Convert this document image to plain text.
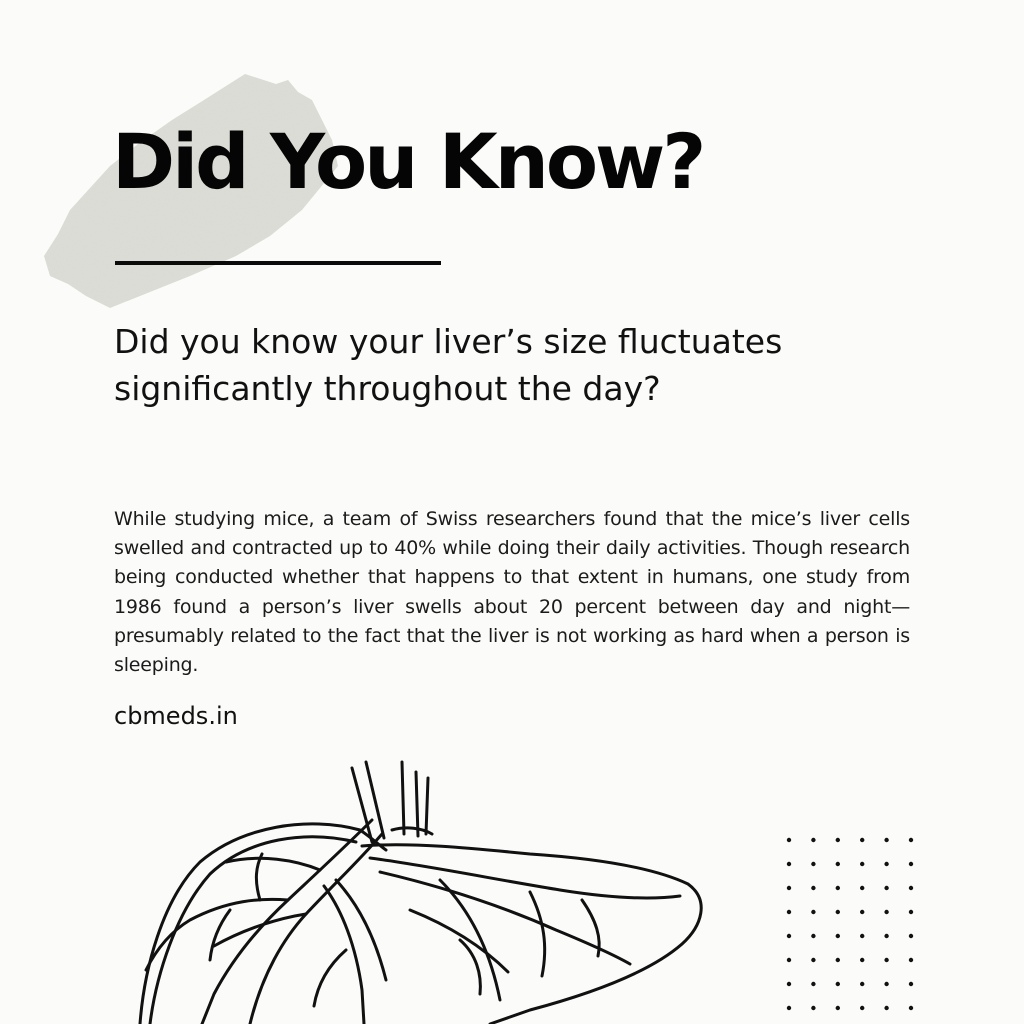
Did You Know?
Did you know your liver’s size fluctuates significantly throughout the day?

While studying mice, a team of Swiss researchers found that the mice’s liver cells swelled and contracted up to 40% while doing their daily activities. Though research being conducted whether that happens to that extent in humans, one study from 1986 found a person’s liver swells about 20 percent between day and night—presumably related to the fact that the liver is not working as hard when a person is sleeping.

cbmeds.in
